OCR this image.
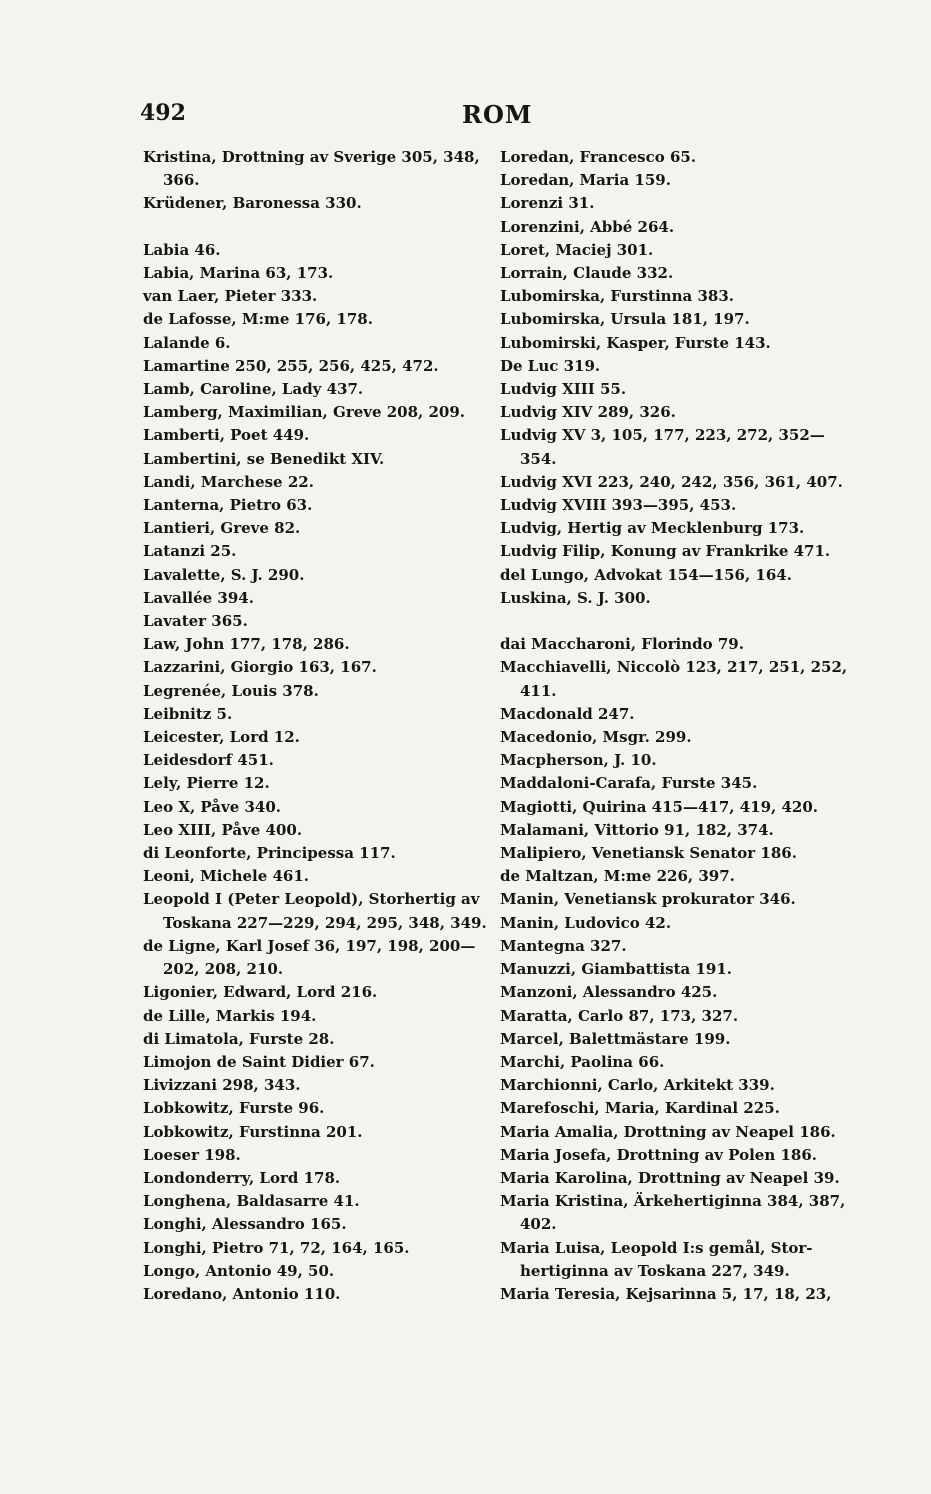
492	ROM
Kristina, Drottning av Sverige 305, 348, 366.
Krüdener, Baronessa 330.
Labia 46.
Labia, Marina 63, 173.
van Laer, Pieter 333.
de Lafosse, M:me 176, 178.
Lalande 6.
Lamartine 250, 255, 256, 425, 472.
Lamb, Caroline, Lady 437.
Lamberg, Maximilian, Greve 208, 209.
Lamberti, Poet 449.
Lambertini, se Benedikt XIV.
Landi, Marchese 22.
Lanterna, Pietro 63.
Lantieri, Greve 82.
Latanzi 25.
Lavalette, S. J. 290.
Lavallée 394.
Lavater 365.
Law, John 177, 178, 286.
Lazzarini, Giorgio 163, 167.
Legrenée, Louis 378.
Leibnitz 5.
Leicester, Lord 12.
Leidesdorf 451.
Lely, Pierre 12.
Leo X, Påve 340.
Leo XIII, Påve 400.
di Leonforte, Principessa 117.
Leoni, Michele 461.
Leopold I (Peter Leopold), Storhertig av
Toskana 227—229, 294, 295, 348, 349.
de Ligne, Karl Josef 36, 197, 198, 200—
202, 208, 210.
Ligonier, Edward, Lord 216.
de Lille, Markis 194.
di Limatola, Furste 28.
Limojon de Saint Didier 67.
Livizzani 298, 343.
Lobkowitz, Furste 96.
Lobkowitz, Furstinna 201.
Loeser 198.
Londonderry, Lord 178.
Longhena, Baldasarre 41.
Longhi, Alessandro 165.
Longhi, Pietro 71, 72, 164, 165.
Longo, Antonio 49, 50.
Loredano, Antonio 110.
Loredan, Francesco 65.
Loredan, Maria 159.
Lorenzi 31.
Lorenzini, Abbé 264.
Loret, Maciej 301.
Lorrain, Claude 332.
Lubomirska, Furstinna 383.
Lubomirska, Ursula 181, 197.
Lubomirski, Kasper, Furste 143.
De Luc 319.
Ludvig XIII 55.
Ludvig XIV 289, 326.
Ludvig XV 3, 105, 177, 223, 272, 352—354.
Ludvig XVI 223, 240, 242, 356, 361, 407.
Ludvig XVIII 393—395, 453.
Ludvig, Hertig av Mecklenburg 173.
Ludvig Filip, Konung av Frankrike 471.
del Lungo, Advokat 154—156, 164.
Luskina, S. J. 300.
dai Maccharoni, Florindo 79.
Macchiavelli, Niccolò 123, 217, 251, 252,
411.
Macdonald 247.
Macedonio, Msgr. 299.
Macpherson, J. 10.
Maddaloni-Carafa, Furste 345.
Magiotti, Quirina 415—417, 419, 420.
Malamani, Vittorio 91, 182, 374.
Malipiero, Venetiansk Senator 186.
de Maltzan, M:me 226, 397.
Manin, Venetiansk prokurator 346.
Manin, Ludovico 42.
Mantegna 327.
Manuzzi, Giambattista 191.
Manzoni, Alessandro 425.
Maratta, Carlo 87, 173, 327.
Marcel, Balettmästare 199.
Marchi, Paolina 66.
Marchionni, Carlo, Arkitekt 339.
Marefoschi, Maria, Kardinal 225.
Maria Amalia, Drottning av Neapel 186.
Maria Josefa, Drottning av Polen 186.
Maria Karolina, Drottning av Neapel 39.
Maria Kristina, Ärkehertiginna 384, 387,
402.
Maria Luisa, Leopold I:s gemål, Stor-
hertiginna av Toskana 227, 349.
Maria Teresia, Kejsarinna 5, 17, 18, 23,
